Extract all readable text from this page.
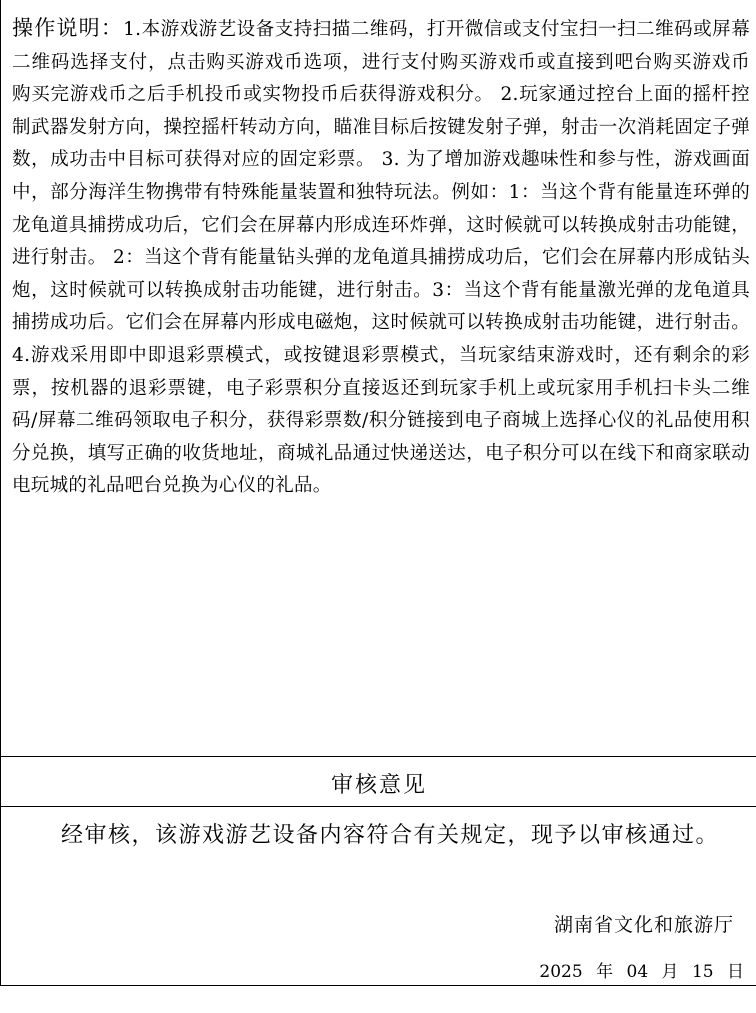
操作说明：1.本游戏游艺设备支持扫描二维码，打开微信或支付宝扫一扫二维码或屏幕二维码选择支付，点击购买游戏币选项，进行支付购买游戏币或直接到吧台购买游戏币 购买完游戏币之后手机投币或实物投币后获得游戏积分。 2.玩家通过控台上面的摇杆控制武器发射方向，操控摇杆转动方向，瞄准目标后按键发射子弹，射击一次消耗固定子弹数，成功击中目标可获得对应的固定彩票。 3. 为了增加游戏趣味性和参与性，游戏画面中，部分海洋生物携带有特殊能量装置和独特玩法。例如：1：当这个背有能量连环弹的龙龟道具捕捞成功后，它们会在屏幕内形成连环炸弹，这时候就可以转换成射击功能键，进行射击。 2：当这个背有能量钻头弹的龙龟道具捕捞成功后，它们会在屏幕内形成钻头炮，这时候就可以转换成射击功能键，进行射击。3：当这个背有能量激光弹的龙龟道具捕捞成功后。它们会在屏幕内形成电磁炮，这时候就可以转换成射击功能键，进行射击。 4.游戏采用即中即退彩票模式，或按键退彩票模式，当玩家结束游戏时，还有剩余的彩票，按机器的退彩票键，电子彩票积分直接返还到玩家手机上或玩家用手机扫卡头二维码/屏幕二维码领取电子积分，获得彩票数/积分链接到电子商城上选择心仪的礼品使用积分兑换，填写正确的收货地址，商城礼品通过快递送达，电子积分可以在线下和商家联动电玩城的礼品吧台兑换为心仪的礼品。
审核意见
经审核，该游戏游艺设备内容符合有关规定，现予以审核通过。
湖南省文化和旅游厅
2025 年 04 月 15 日
